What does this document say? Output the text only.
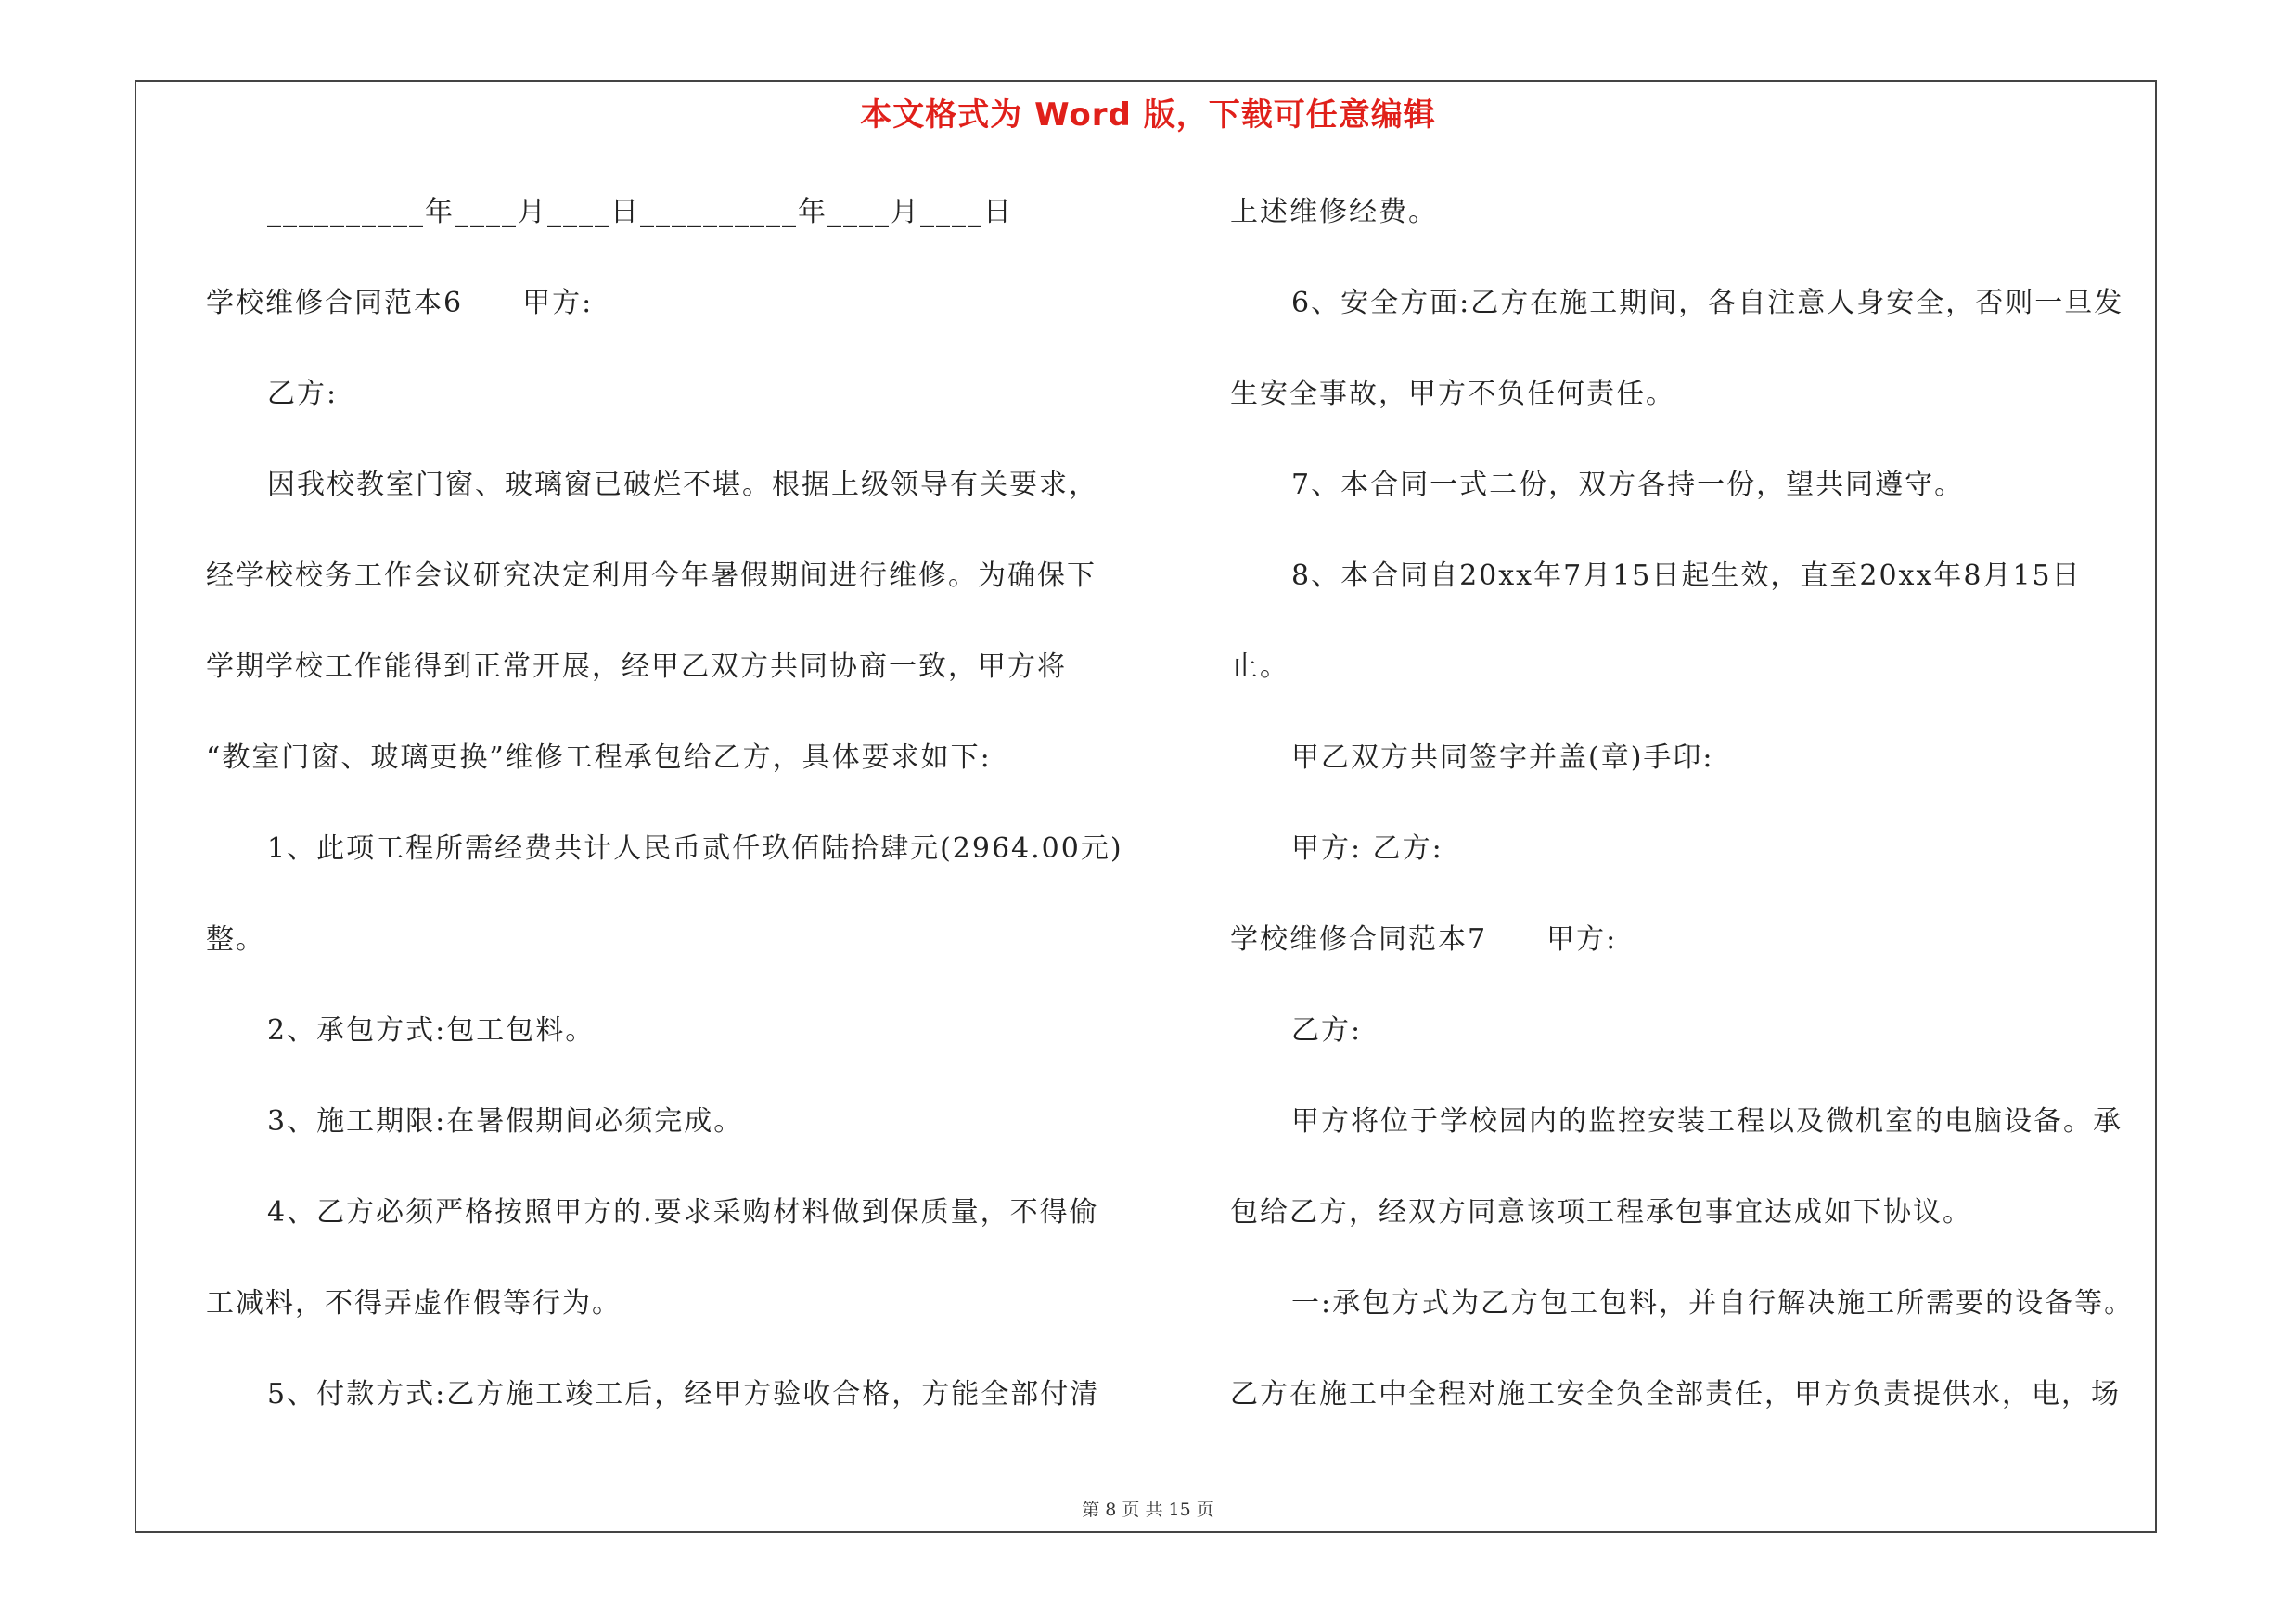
本文格式为 Word 版，下载可任意编辑
__________年____月____日__________年____月____日
学校维修合同范本6　　甲方:
乙方:
因我校教室门窗、玻璃窗已破烂不堪。根据上级领导有关要求，
经学校校务工作会议研究决定利用今年暑假期间进行维修。为确保下
学期学校工作能得到正常开展，经甲乙双方共同协商一致，甲方将
“教室门窗、玻璃更换”维修工程承包给乙方，具体要求如下:
1、此项工程所需经费共计人民币贰仟玖佰陆拾肆元(2964.00元)
整。
2、承包方式:包工包料。
3、施工期限:在暑假期间必须完成。
4、乙方必须严格按照甲方的.要求采购材料做到保质量，不得偷
工减料，不得弄虚作假等行为。
5、付款方式:乙方施工竣工后，经甲方验收合格，方能全部付清
上述维修经费。
6、安全方面:乙方在施工期间，各自注意人身安全，否则一旦发
生安全事故，甲方不负任何责任。
7、本合同一式二份，双方各持一份，望共同遵守。
8、本合同自20xx年7月15日起生效，直至20xx年8月15日
止。
甲乙双方共同签字并盖(章)手印:
甲方: 乙方:
学校维修合同范本7　　甲方:
乙方:
甲方将位于学校园内的监控安装工程以及微机室的电脑设备。承
包给乙方，经双方同意该项工程承包事宜达成如下协议。
一:承包方式为乙方包工包料，并自行解决施工所需要的设备等。
乙方在施工中全程对施工安全负全部责任，甲方负责提供水，电，场
第 8 页 共 15 页
